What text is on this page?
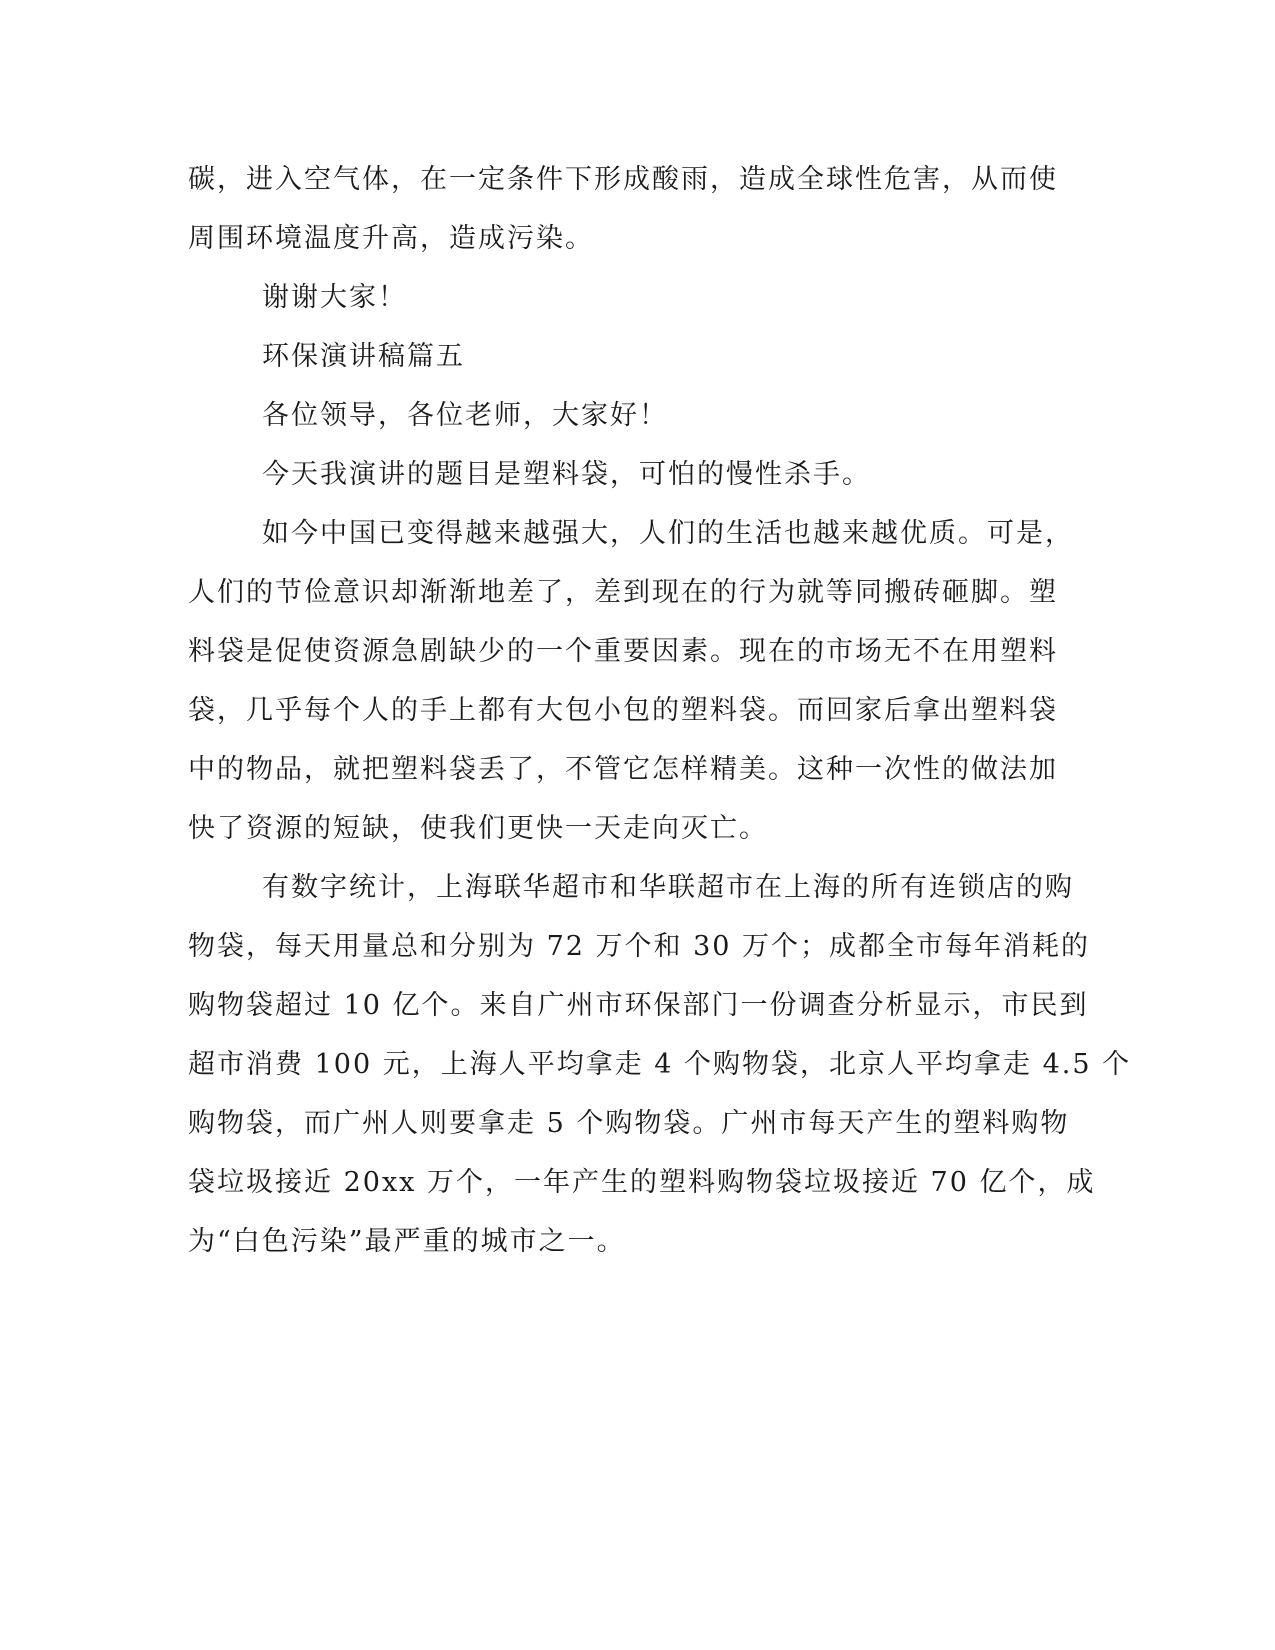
碳，进入空气体，在一定条件下形成酸雨，造成全球性危害，从而使

周围环境温度升高，造成污染。

谢谢大家！

环保演讲稿篇五

各位领导，各位老师，大家好！

今天我演讲的题目是塑料袋，可怕的慢性杀手。

如今中国已变得越来越强大，人们的生活也越来越优质。可是，

人们的节俭意识却渐渐地差了，差到现在的行为就等同搬砖砸脚。塑

料袋是促使资源急剧缺少的一个重要因素。现在的市场无不在用塑料

袋，几乎每个人的手上都有大包小包的塑料袋。而回家后拿出塑料袋

中的物品，就把塑料袋丢了，不管它怎样精美。这种一次性的做法加

快了资源的短缺，使我们更快一天走向灭亡。

有数字统计，上海联华超市和华联超市在上海的所有连锁店的购

物袋，每天用量总和分别为 72 万个和 30 万个；成都全市每年消耗的

购物袋超过 10 亿个。来自广州市环保部门一份调查分析显示，市民到

超市消费 100 元，上海人平均拿走 4 个购物袋，北京人平均拿走 4.5 个

购物袋，而广州人则要拿走 5 个购物袋。广州市每天产生的塑料购物

袋垃圾接近 20xx 万个，一年产生的塑料购物袋垃圾接近 70 亿个，成

为“白色污染”最严重的城市之一。
